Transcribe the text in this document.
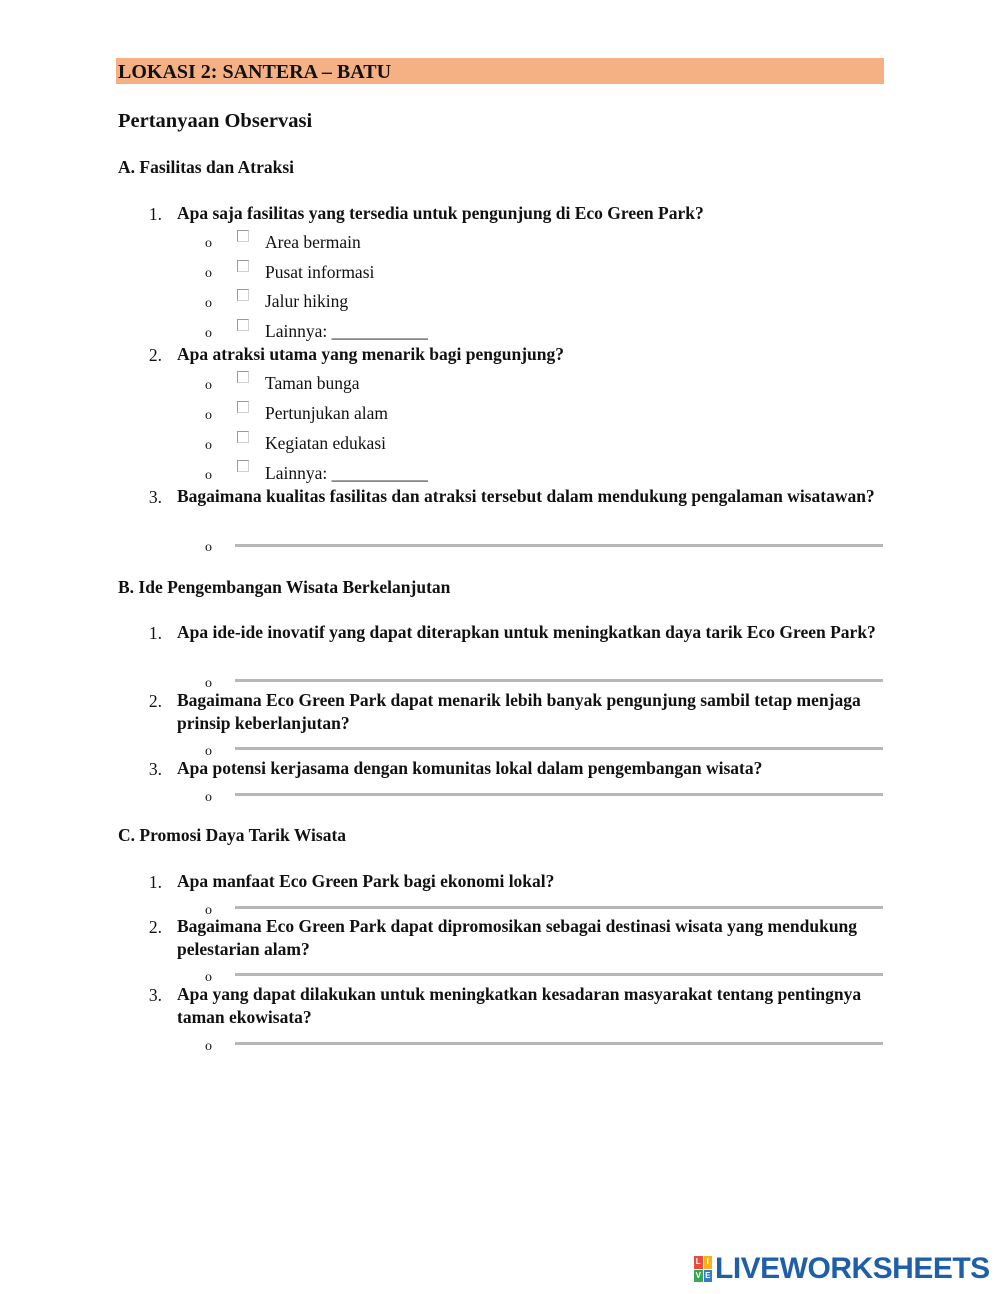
LOKASI 2: SANTERA – BATU
Pertanyaan Observasi
A. Fasilitas dan Atraksi
1. Apa saja fasilitas yang tersedia untuk pengunjung di Eco Green Park?
o	Area bermain
o	Pusat informasi
o	Jalur hiking
o	Lainnya: ___________
2. Apa atraksi utama yang menarik bagi pengunjung?
o	Taman bunga
o	Pertunjukan alam
o	Kegiatan edukasi
o	Lainnya: ___________
3. Bagaimana kualitas fasilitas dan atraksi tersebut dalam mendukung pengalaman wisatawan?
o
B. Ide Pengembangan Wisata Berkelanjutan
1. Apa ide-ide inovatif yang dapat diterapkan untuk meningkatkan daya tarik Eco Green Park?
o
2. Bagaimana Eco Green Park dapat menarik lebih banyak pengunjung sambil tetap menjaga prinsip keberlanjutan?
o
3. Apa potensi kerjasama dengan komunitas lokal dalam pengembangan wisata?
o
C. Promosi Daya Tarik Wisata
1. Apa manfaat Eco Green Park bagi ekonomi lokal?
o
2. Bagaimana Eco Green Park dapat dipromosikan sebagai destinasi wisata yang mendukung pelestarian alam?
o
3. Apa yang dapat dilakukan untuk meningkatkan kesadaran masyarakat tentang pentingnya taman ekowisata?
o
L I
V E LIVEWORKSHEETS
